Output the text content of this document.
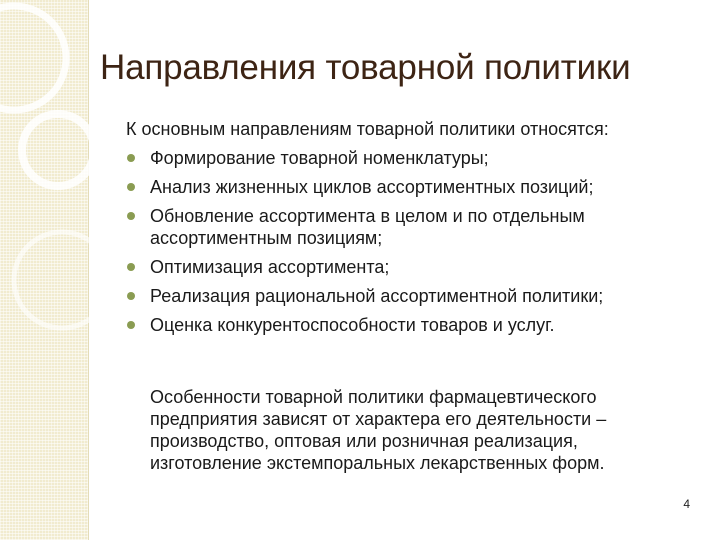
Направления товарной политики

К основным направлениям товарной политики относятся:

Формирование товарной номенклатуры;
Анализ жизненных циклов ассортиментных позиций;
Обновление ассортимента в целом и по отдельным ассортиментным позициям;
Оптимизация ассортимента;
Реализация рациональной ассортиментной политики;
Оценка конкурентоспособности товаров и услуг.

Особенности товарной политики фармацевтического предприятия зависят от характера его деятельности – производство, оптовая или розничная реализация, изготовление экстемпоральных лекарственных форм.

4
